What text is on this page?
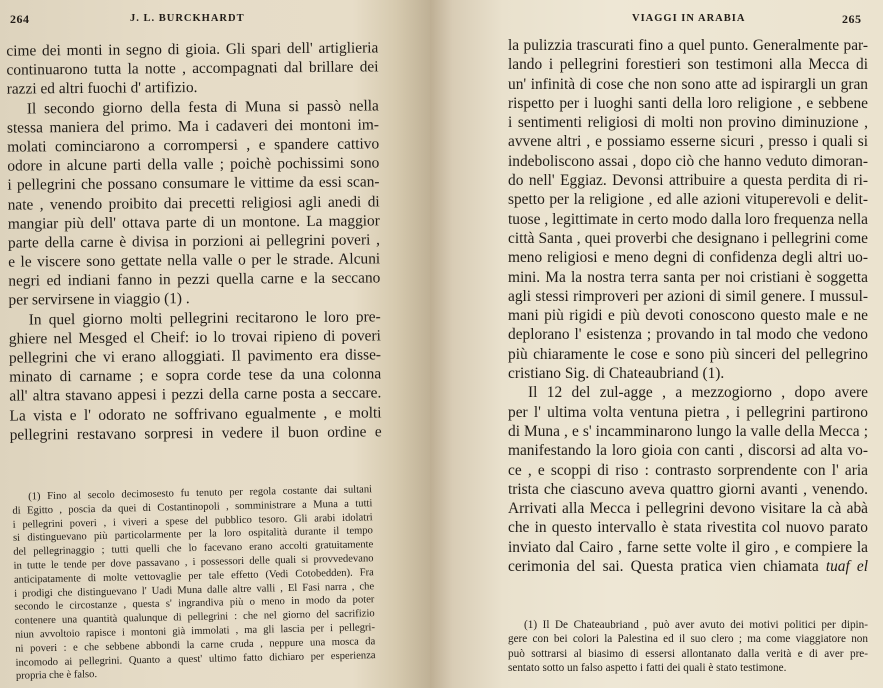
264	J. L. BURCKHARDT
cime dei monti in segno di gioia. Gli spari dell' artiglieria
continuarono tutta la notte , accompagnati dal brillare dei
razzi ed altri fuochi d' artifizio.
Il secondo giorno della festa di Muna si passò nella
stessa maniera del primo. Ma i cadaveri dei montoni im-
molati cominciarono a corrompersi , e spandere cattivo
odore in alcune parti della valle ; poichè pochissimi sono
i pellegrini che possano consumare le vittime da essi scan-
nate , venendo proibito dai precetti religiosi agli anedi di
mangiar più dell' ottava parte di un montone. La maggior
parte della carne è divisa in porzioni ai pellegrini poveri ,
e le viscere sono gettate nella valle o per le strade. Alcuni
negri ed indiani fanno in pezzi quella carne e la seccano
per servirsene in viaggio (1) .
In quel giorno molti pellegrini recitarono le loro pre-
ghiere nel Mesged el Cheif: io lo trovai ripieno di poveri
pellegrini che vi erano alloggiati. Il pavimento era disse-
minato di carname ; e sopra corde tese da una colonna
all' altra stavano appesi i pezzi della carne posta a seccare.
La vista e l' odorato ne soffrivano egualmente , e molti
pellegrini restavano sorpresi in vedere il buon ordine e
(1) Fino al secolo decimosesto fu tenuto per regola costante dai sultani
di Egitto , poscia da quei di Costantinopoli , somministrare a Muna a tutti
i pellegrini poveri , i viveri a spese del pubblico tesoro. Gli arabi idolatri
si distinguevano più particolarmente per la loro ospitalità durante il tempo
del pellegrinaggio ; tutti quelli che lo facevano erano accolti gratuitamente
in tutte le tende per dove passavano , i possessori delle quali si provvedevano
anticipatamente di molte vettovaglie per tale effetto (Vedi Cotobedden). Fra
i prodigi che distinguevano l' Uadi Muna dalle altre valli , El Fasi narra , che
secondo le circostanze , questa s' ingrandiva più o meno in modo da poter
contenere una quantità qualunque di pellegrini : che nel giorno del sacrifizio
niun avvoltoio rapisce i montoni già immolati , ma gli lascia per i pellegri-
ni poveri : e che sebbene abbondi la carne cruda , neppure una mosca da
incomodo ai pellegrini. Quanto a quest' ultimo fatto dichiaro per esperienza
propria che è falso.
VIAGGI IN ARABIA	265
la pulizzia trascurati fino a quel punto. Generalmente par-
lando i pellegrini forestieri son testimoni alla Mecca di
un' infinità di cose che non sono atte ad ispirargli un gran
rispetto per i luoghi santi della loro religione , e sebbene
i sentimenti religiosi di molti non provino diminuzione ,
avvene altri , e possiamo esserne sicuri , presso i quali si
indeboliscono assai , dopo ciò che hanno veduto dimoran-
do nell' Eggiaz. Devonsi attribuire a questa perdita di ri-
spetto per la religione , ed alle azioni vituperevoli e delit-
tuose , legittimate in certo modo dalla loro frequenza nella
città Santa , quei proverbi che designano i pellegrini come
meno religiosi e meno degni di confidenza degli altri uo-
mini. Ma la nostra terra santa per noi cristiani è soggetta
agli stessi rimproveri per azioni di simil genere. I mussul-
mani più rigidi e più devoti conoscono questo male e ne
deplorano l' esistenza ; provando in tal modo che vedono
più chiaramente le cose e sono più sinceri del pellegrino
cristiano Sig. di Chateaubriand (1).
Il 12 del zul-agge , a mezzogiorno , dopo avere
per l' ultima volta ventuna pietra , i pellegrini partirono
di Muna , e s' incamminarono lungo la valle della Mecca ;
manifestando la loro gioia con canti , discorsi ad alta vo-
ce , e scoppi di riso : contrasto sorprendente con l' aria
trista che ciascuno aveva quattro giorni avanti , venendo.
Arrivati alla Mecca i pellegrini devono visitare la cà abà
che in questo intervallo è stata rivestita col nuovo parato
inviato dal Cairo , farne sette volte il giro , e compiere la
cerimonia del sai. Questa pratica vien chiamata tuaf el
(1) Il De Chateaubriand , può aver avuto dei motivi politici per dipin-
gere con bei colori la Palestina ed il suo clero ; ma come viaggiatore non
può sottrarsi al biasimo di essersi allontanato dalla verità e di aver pre-
sentato sotto un falso aspetto i fatti dei quali è stato testimone.
